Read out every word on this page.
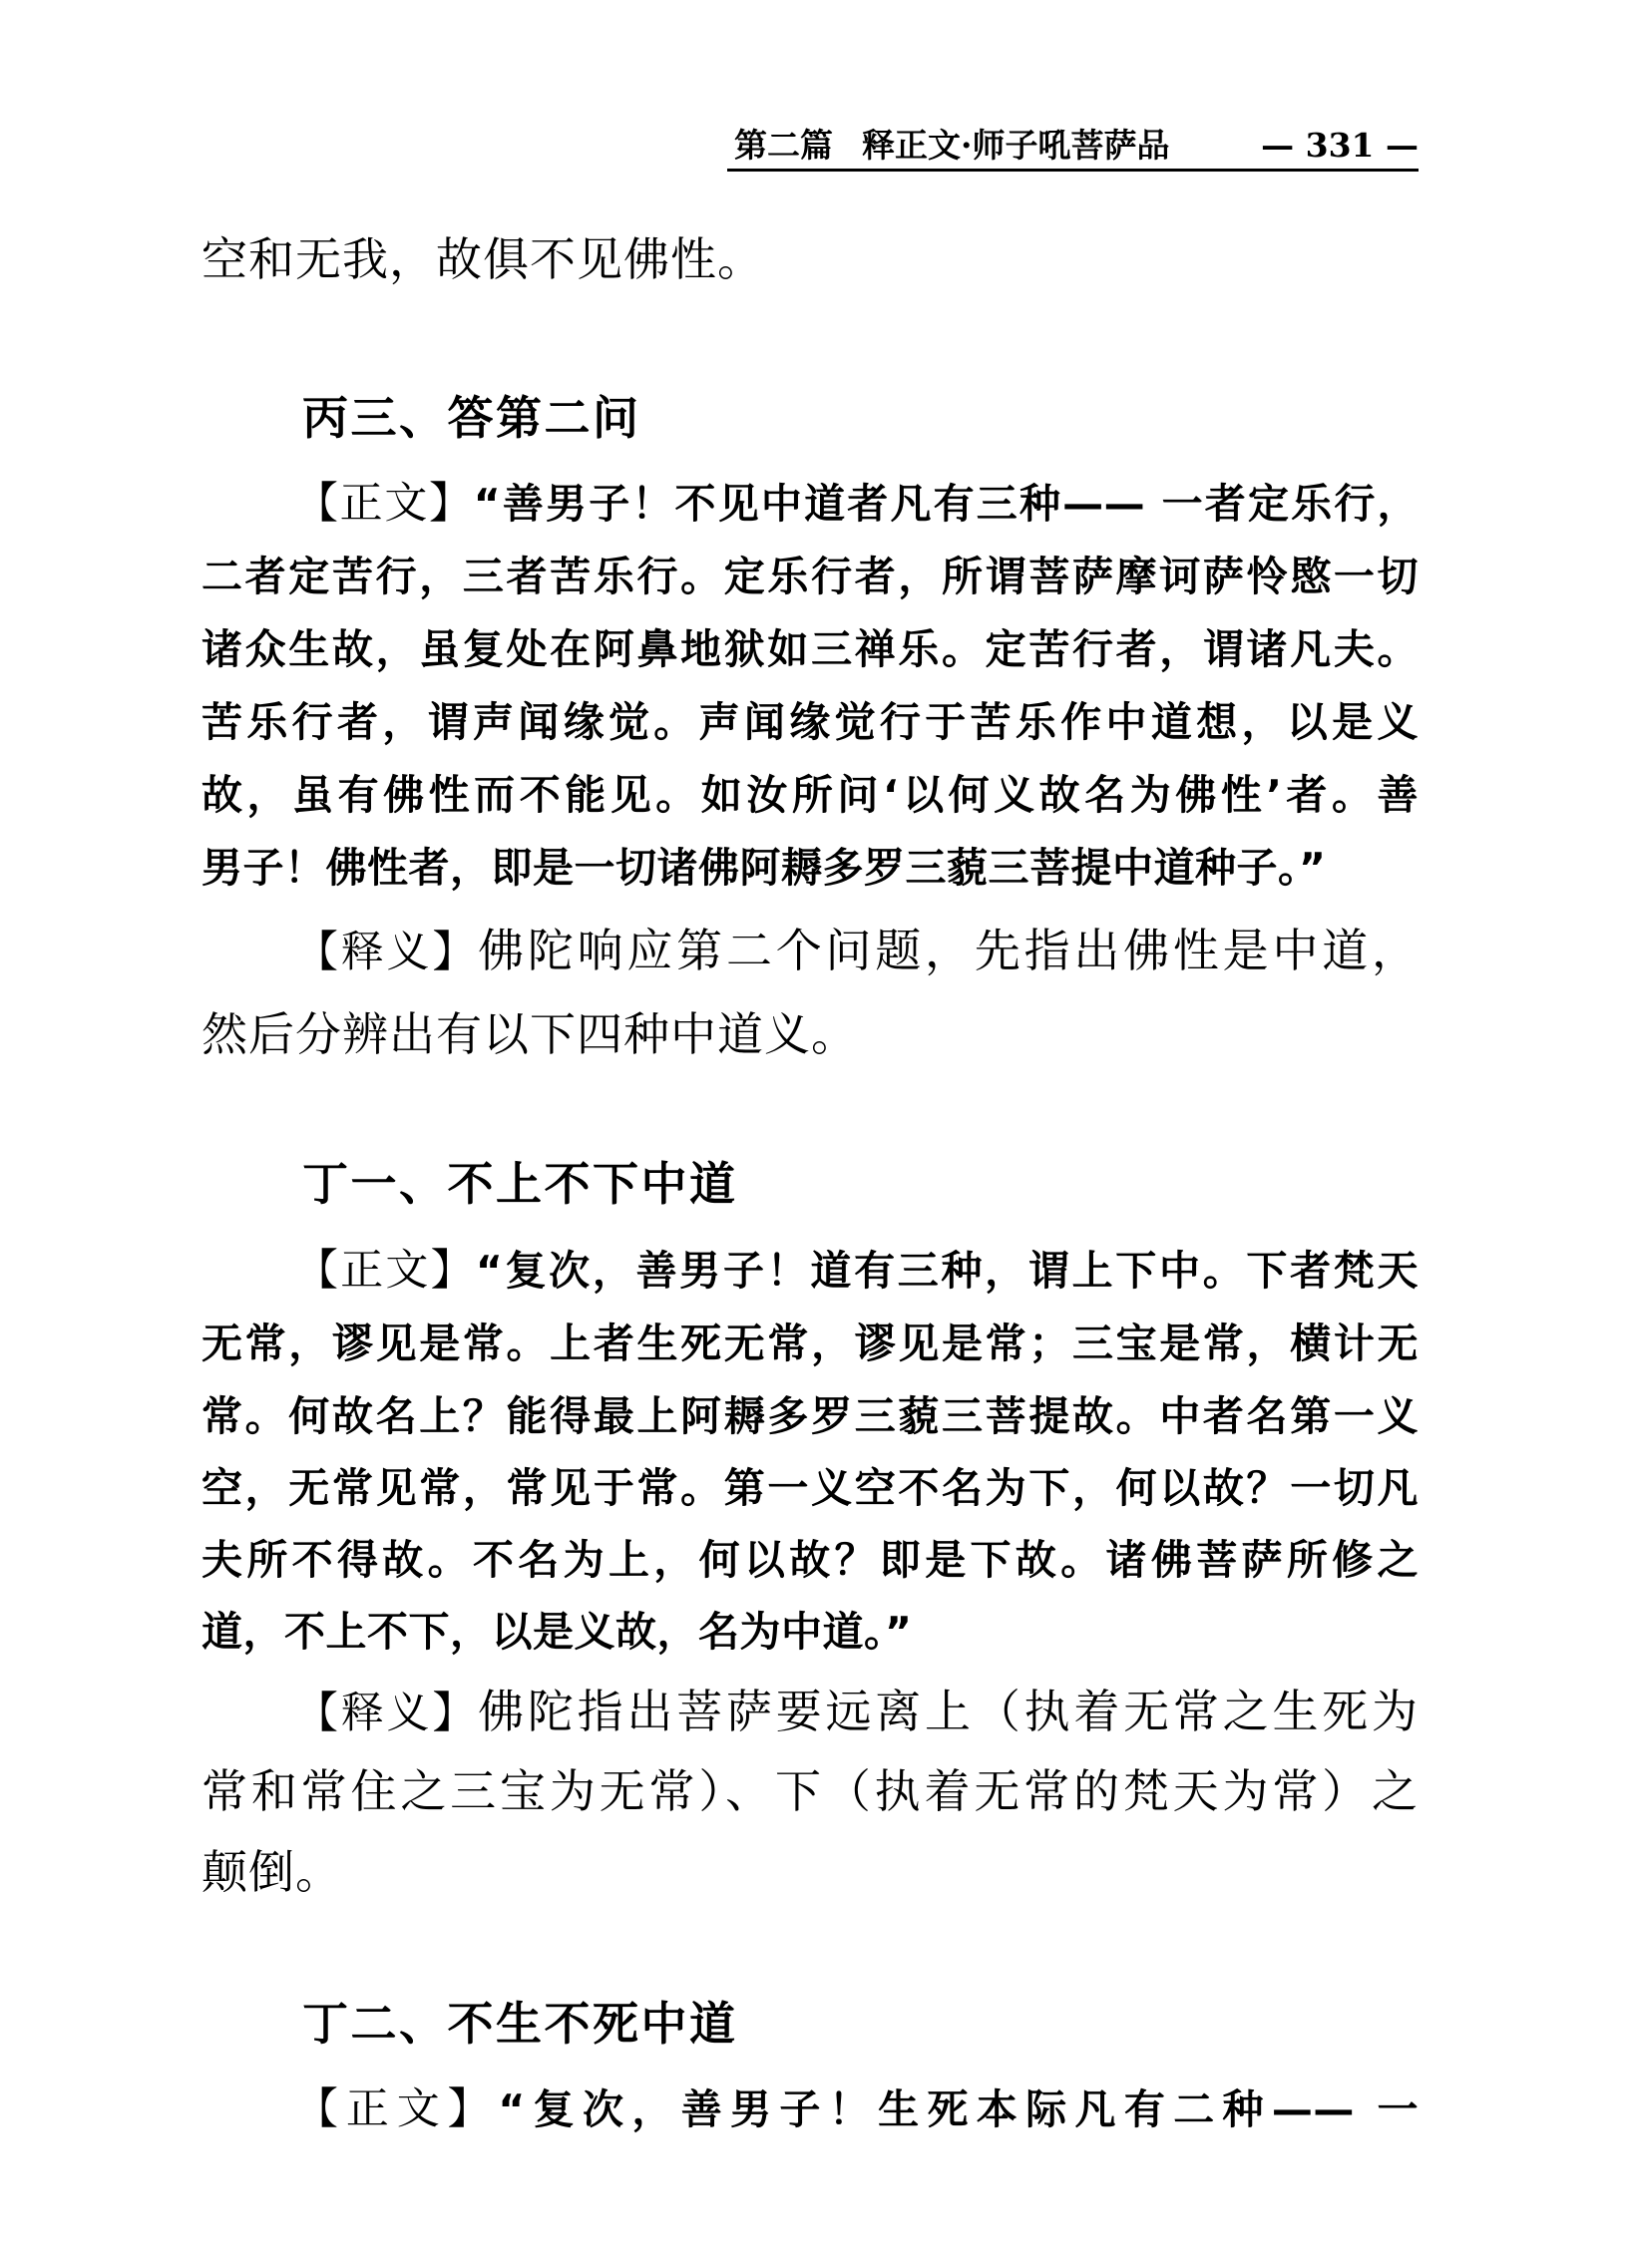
第二篇 释正文·师子吼菩萨品	— 331 —
空和无我，故俱不见佛性。
丙三、答第二问
【正文】“善男子！不见中道者凡有三种—— 一者定乐行，
二者定苦行，三者苦乐行。定乐行者，所谓菩萨摩诃萨怜愍一切
诸众生故，虽复处在阿鼻地狱如三禅乐。定苦行者，谓诸凡夫。
苦乐行者，谓声闻缘觉。声闻缘觉行于苦乐作中道想，以是义
故，虽有佛性而不能见。如汝所问‘以何义故名为佛性’者。善
男子！佛性者，即是一切诸佛阿耨多罗三藐三菩提中道种子。”
【释义】佛陀响应第二个问题，先指出佛性是中道，
然后分辨出有以下四种中道义。
丁一、不上不下中道
【正文】“复次，善男子！道有三种，谓上下中。下者梵天
无常，谬见是常。上者生死无常，谬见是常；三宝是常，横计无
常。何故名上？能得最上阿耨多罗三藐三菩提故。中者名第一义
空，无常见常，常见于常。第一义空不名为下，何以故？一切凡
夫所不得故。不名为上，何以故？即是下故。诸佛菩萨所修之
道，不上不下，以是义故，名为中道。”
【释义】佛陀指出菩萨要远离上（执着无常之生死为
常和常住之三宝为无常）、下（执着无常的梵天为常）之
颠倒。
丁二、不生不死中道
【正文】“复次，善男子！生死本际凡有二种—— 一
